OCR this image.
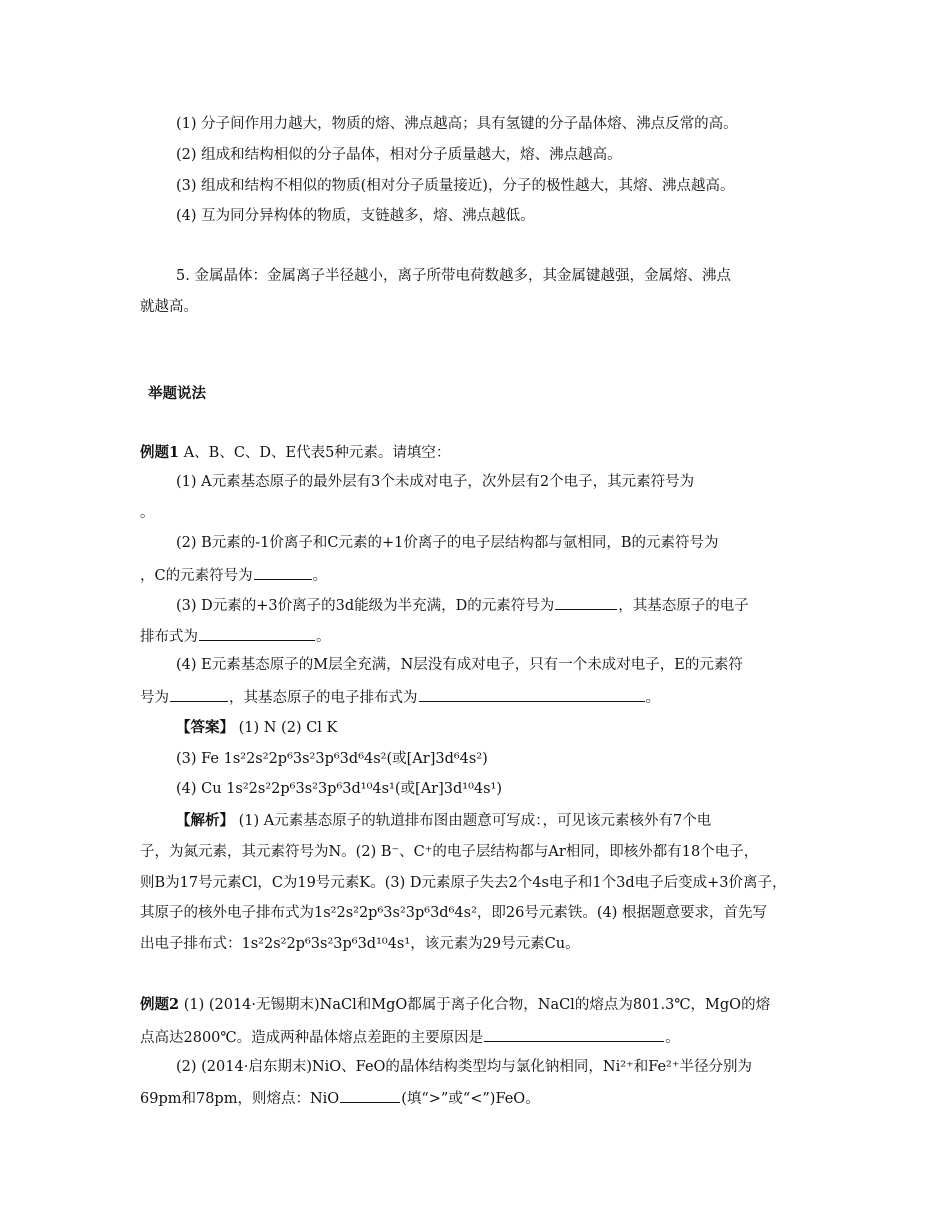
(1) 分子间作用力越大，物质的熔、沸点越高；具有氢键的分子晶体熔、沸点反常的高。
(2) 组成和结构相似的分子晶体，相对分子质量越大，熔、沸点越高。
(3) 组成和结构不相似的物质(相对分子质量接近)，分子的极性越大，其熔、沸点越高。
(4) 互为同分异构体的物质，支链越多，熔、沸点越低。
5. 金属晶体：金属离子半径越小，离子所带电荷数越多，其金属键越强，金属熔、沸点
就越高。
举题说法
例题1 A、B、C、D、E代表5种元素。请填空：
(1) A元素基态原子的最外层有3个未成对电子，次外层有2个电子，其元素符号为
。
(2) B元素的-1价离子和C元素的+1价离子的电子层结构都与氩相同，B的元素符号为
，C的元素符号为	。
(3) D元素的+3价离子的3d能级为半充满，D的元素符号为	，其基态原子的电子
排布式为	。
(4) E元素基态原子的M层全充满，N层没有成对电子，只有一个未成对电子，E的元素符
号为	，其基态原子的电子排布式为	。
【答案】 (1) N (2) Cl K
(3) Fe 1s²2s²2p⁶3s²3p⁶3d⁶4s²(或[Ar]3d⁶4s²)
(4) Cu 1s²2s²2p⁶3s²3p⁶3d¹⁰4s¹(或[Ar]3d¹⁰4s¹)
【解析】 (1) A元素基态原子的轨道排布图由题意可写成：，可见该元素核外有7个电
子，为氮元素，其元素符号为N。(2) B⁻、C⁺的电子层结构都与Ar相同，即核外都有18个电子，
则B为17号元素Cl，C为19号元素K。(3) D元素原子失去2个4s电子和1个3d电子后变成+3价离子，
其原子的核外电子排布式为1s²2s²2p⁶3s²3p⁶3d⁶4s²，即26号元素铁。(4) 根据题意要求，首先写
出电子排布式：1s²2s²2p⁶3s²3p⁶3d¹⁰4s¹，该元素为29号元素Cu。
例题2 (1) (2014·无锡期末)NaCl和MgO都属于离子化合物，NaCl的熔点为801.3℃，MgO的熔
点高达2800℃。造成两种晶体熔点差距的主要原因是	。
(2) (2014·启东期末)NiO、FeO的晶体结构类型均与氯化钠相同，Ni²⁺和Fe²⁺半径分别为
69pm和78pm，则熔点：NiO	(填“>”或“<”)FeO。
